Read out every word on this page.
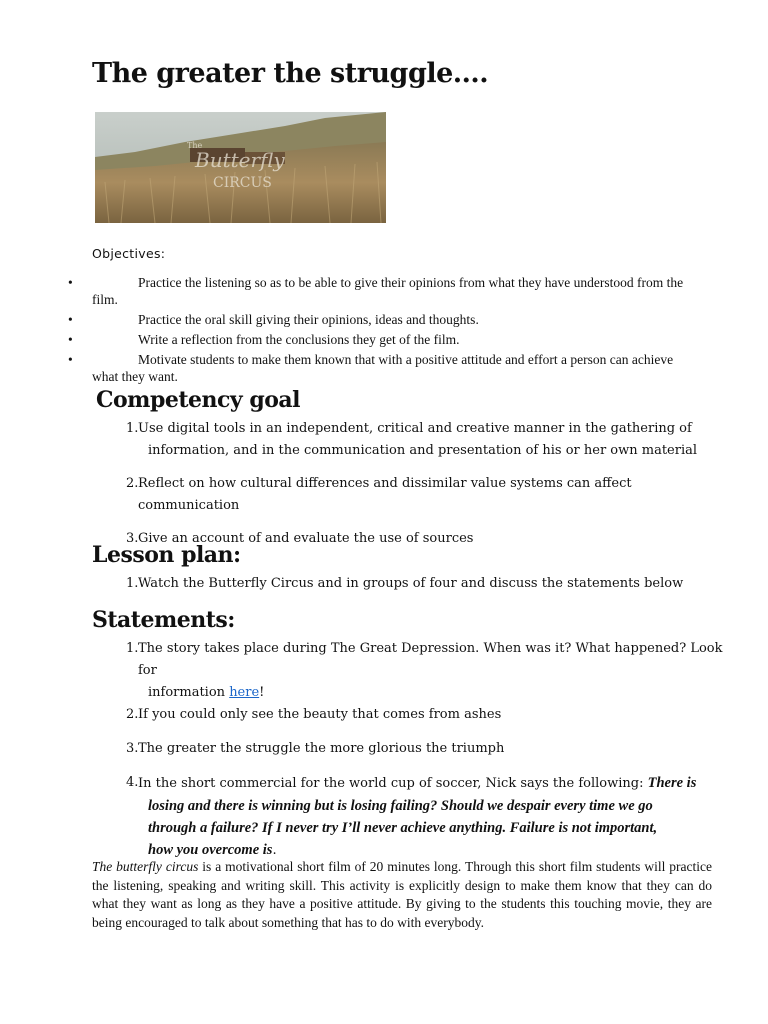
The greater the struggle….
The
Butterfly
CIRCUS
Objectives:
•	Practice the listening so as to be able to give their opinions from what they have understood from the
film.
•	Practice the oral skill giving their opinions, ideas and thoughts.
•	Write a reflection from the conclusions they get of the film.
•	Motivate students to make them known that with a positive attitude and effort a person can achieve
what they want.
Competency goal
1. Use digital tools in an independent, critical and creative manner in the gathering of
information, and in the communication and presentation of his or her own material
2. Reflect on how cultural differences and dissimilar value systems can affect communication
3. Give an account of and evaluate the use of sources
Lesson plan:
1. Watch the Butterfly Circus and in groups of four and discuss the statements below
Statements:
1. The story takes place during The Great Depression. When was it? What happened? Look for
information here!
2. If you could only see the beauty that comes from ashes
3. The greater the struggle the more glorious the triumph
4. In the short commercial for the world cup of soccer, Nick says the following: There is
losing and there is winning but is losing failing? Should we despair every time we go
through a failure? If I never try I’ll never achieve anything. Failure is not important,
how you overcome is.

The butterfly circus is a motivational short film of 20 minutes long. Through this short film students will practice the listening, speaking and writing skill. This activity is explicitly design to make them know that they can do what they want as long as they have a positive attitude. By giving to the students this touching movie, they are being encouraged to talk about something that has to do with everybody.
